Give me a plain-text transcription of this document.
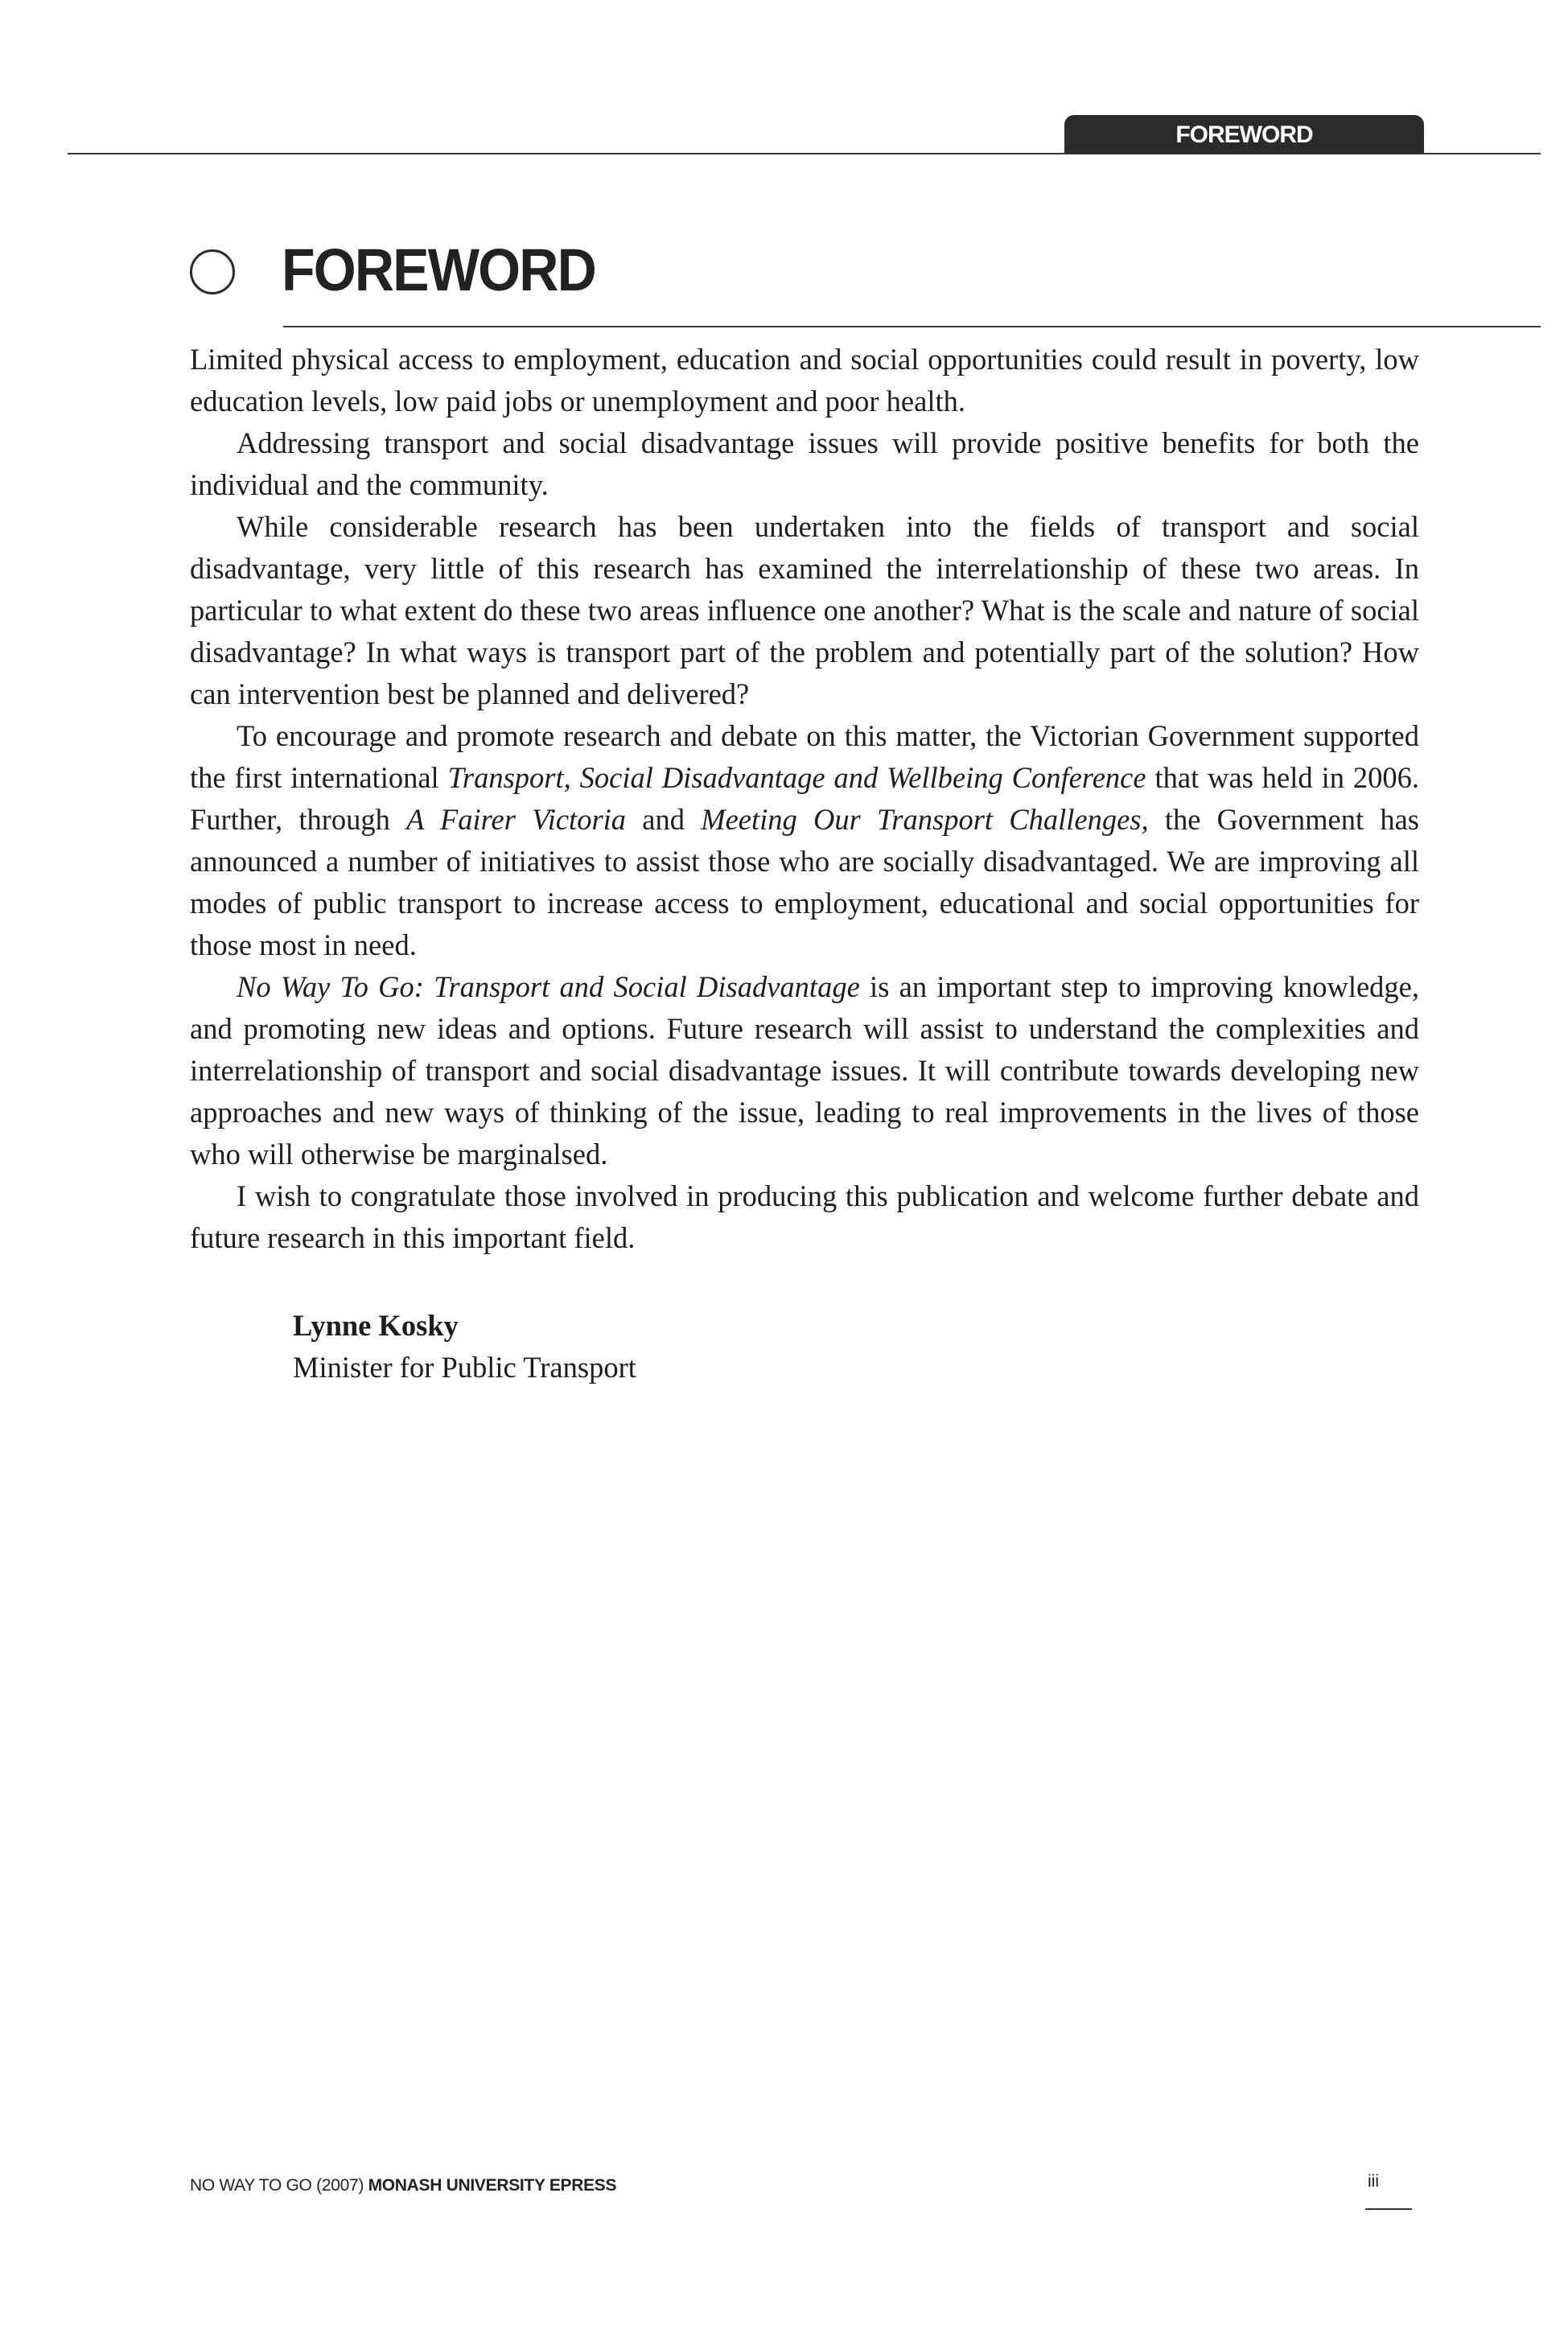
FOREWORD
FOREWORD

Limited physical access to employment, education and social opportunities could result in poverty, low education levels, low paid jobs or unemployment and poor health.

Addressing transport and social disadvantage issues will provide positive benefits for both the individual and the community.

While considerable research has been undertaken into the fields of transport and social disadvantage, very little of this research has examined the interrelationship of these two areas. In particular to what extent do these two areas influence one another? What is the scale and nature of social disadvantage? In what ways is transport part of the problem and potentially part of the solution? How can intervention best be planned and delivered?

To encourage and promote research and debate on this matter, the Victorian Government supported the first international Transport, Social Disadvantage and Wellbeing Conference that was held in 2006. Further, through A Fairer Victoria and Meeting Our Transport Challenges, the Government has announced a number of initiatives to assist those who are socially disadvantaged. We are improving all modes of public transport to increase access to employment, educational and social opportunities for those most in need.

No Way To Go: Transport and Social Disadvantage is an important step to improving knowledge, and promoting new ideas and options. Future research will assist to understand the complexities and interrelationship of transport and social disadvantage issues. It will contribute towards developing new approaches and new ways of thinking of the issue, leading to real improvements in the lives of those who will otherwise be marginalsed.

I wish to congratulate those involved in producing this publication and welcome further debate and future research in this important field.

Lynne Kosky
Minister for Public Transport
NO WAY TO GO (2007) MONASH UNIVERSITY EPRESS	iii
